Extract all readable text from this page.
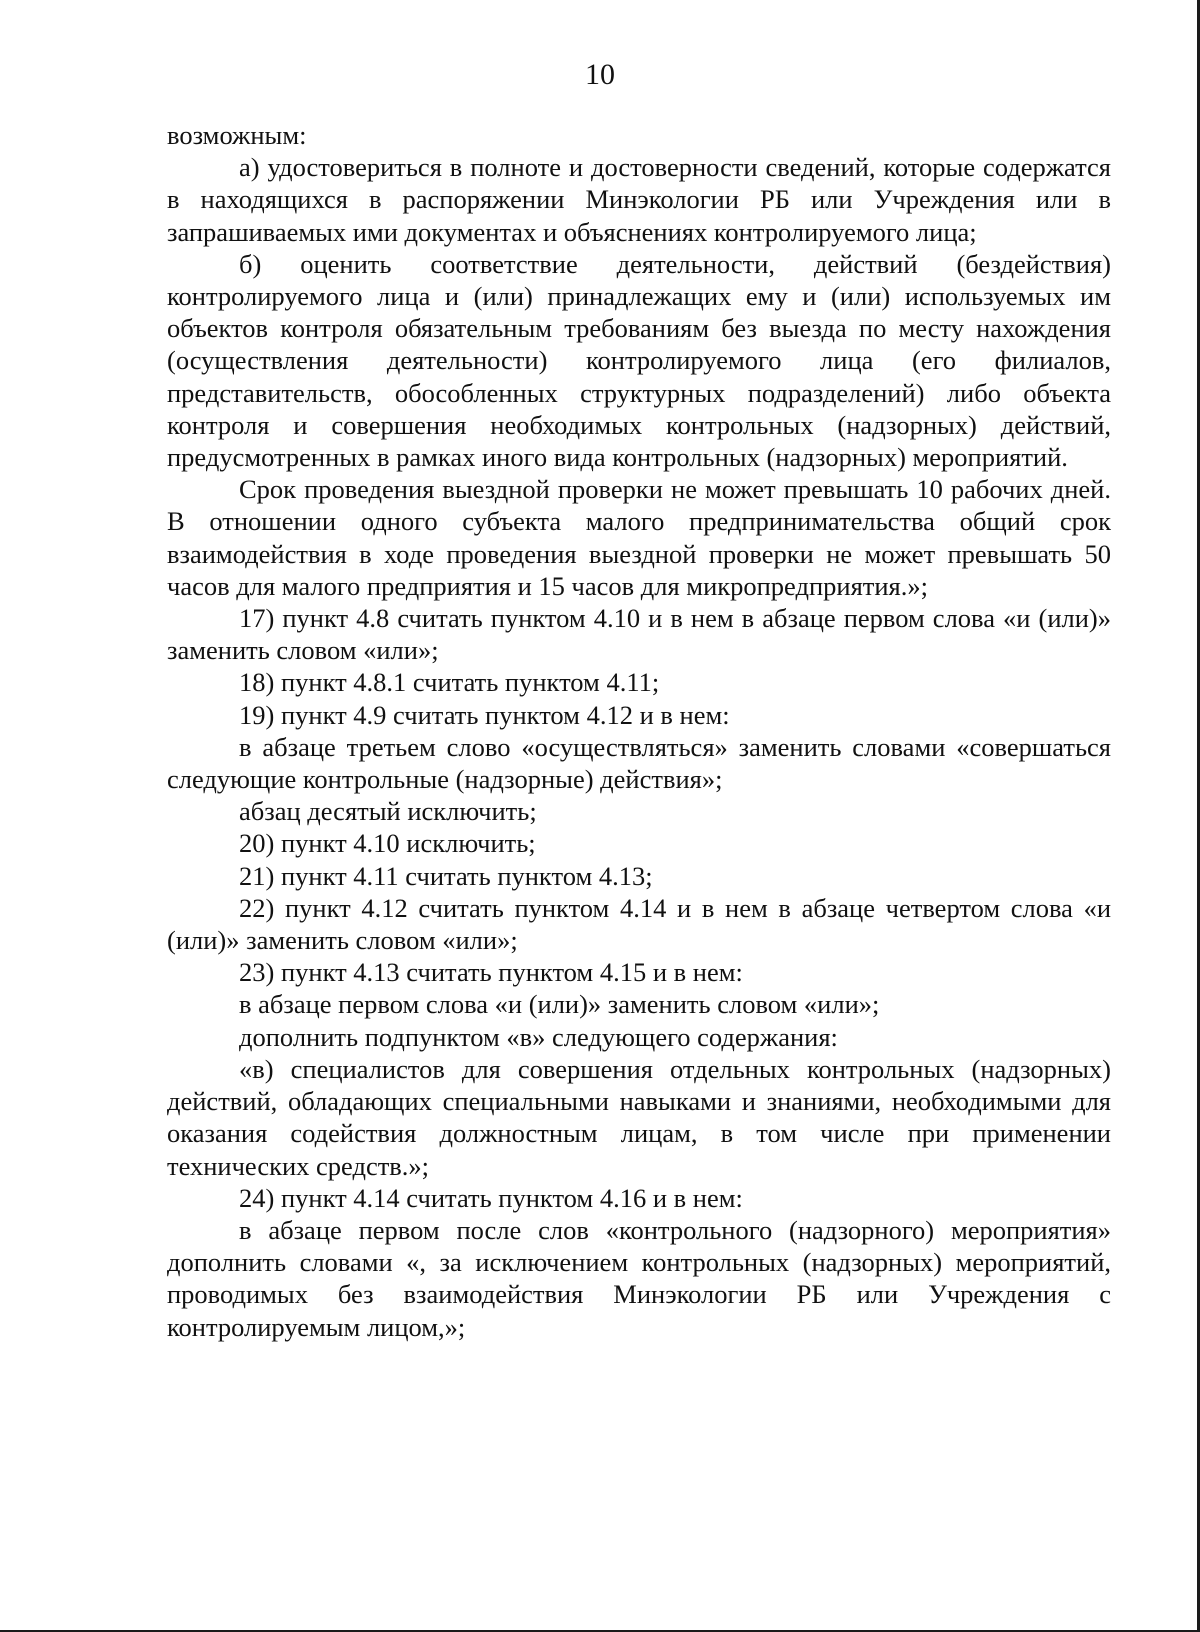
10

возможным:

а) удостовериться в полноте и достоверности сведений, которые содержатся в находящихся в распоряжении Минэкологии РБ или Учреждения или в запрашиваемых ими документах и объяснениях контролируемого лица;

б) оценить соответствие деятельности, действий (бездействия) контролируемого лица и (или) принадлежащих ему и (или) используемых им объектов контроля обязательным требованиям без выезда по месту нахождения (осуществления деятельности) контролируемого лица (его филиалов, представительств, обособленных структурных подразделений) либо объекта контроля и совершения необходимых контрольных (надзорных) действий, предусмотренных в рамках иного вида контрольных (надзорных) мероприятий.

Срок проведения выездной проверки не может превышать 10 рабочих дней. В отношении одного субъекта малого предпринимательства общий срок взаимодействия в ходе проведения выездной проверки не может превышать 50 часов для малого предприятия и 15 часов для микропредприятия.»;

17) пункт 4.8 считать пунктом 4.10 и в нем в абзаце первом слова «и (или)» заменить словом «или»;

18) пункт 4.8.1 считать пунктом 4.11;

19) пункт 4.9 считать пунктом 4.12 и в нем:

в абзаце третьем слово «осуществляться» заменить словами «совершаться следующие контрольные (надзорные) действия»;

абзац десятый исключить;

20) пункт 4.10 исключить;

21) пункт 4.11 считать пунктом 4.13;

22) пункт 4.12 считать пунктом 4.14 и в нем в абзаце четвертом слова «и (или)» заменить словом «или»;

23) пункт 4.13 считать пунктом 4.15 и в нем:

в абзаце первом слова «и (или)» заменить словом «или»;

дополнить подпунктом «в» следующего содержания:

«в) специалистов для совершения отдельных контрольных (надзорных) действий, обладающих специальными навыками и знаниями, необходимыми для оказания содействия должностным лицам, в том числе при применении технических средств.»;

24) пункт 4.14 считать пунктом 4.16 и в нем:

в абзаце первом после слов «контрольного (надзорного) мероприятия» дополнить словами «, за исключением контрольных (надзорных) мероприятий, проводимых без взаимодействия Минэкологии РБ или Учреждения с контролируемым лицом,»;
